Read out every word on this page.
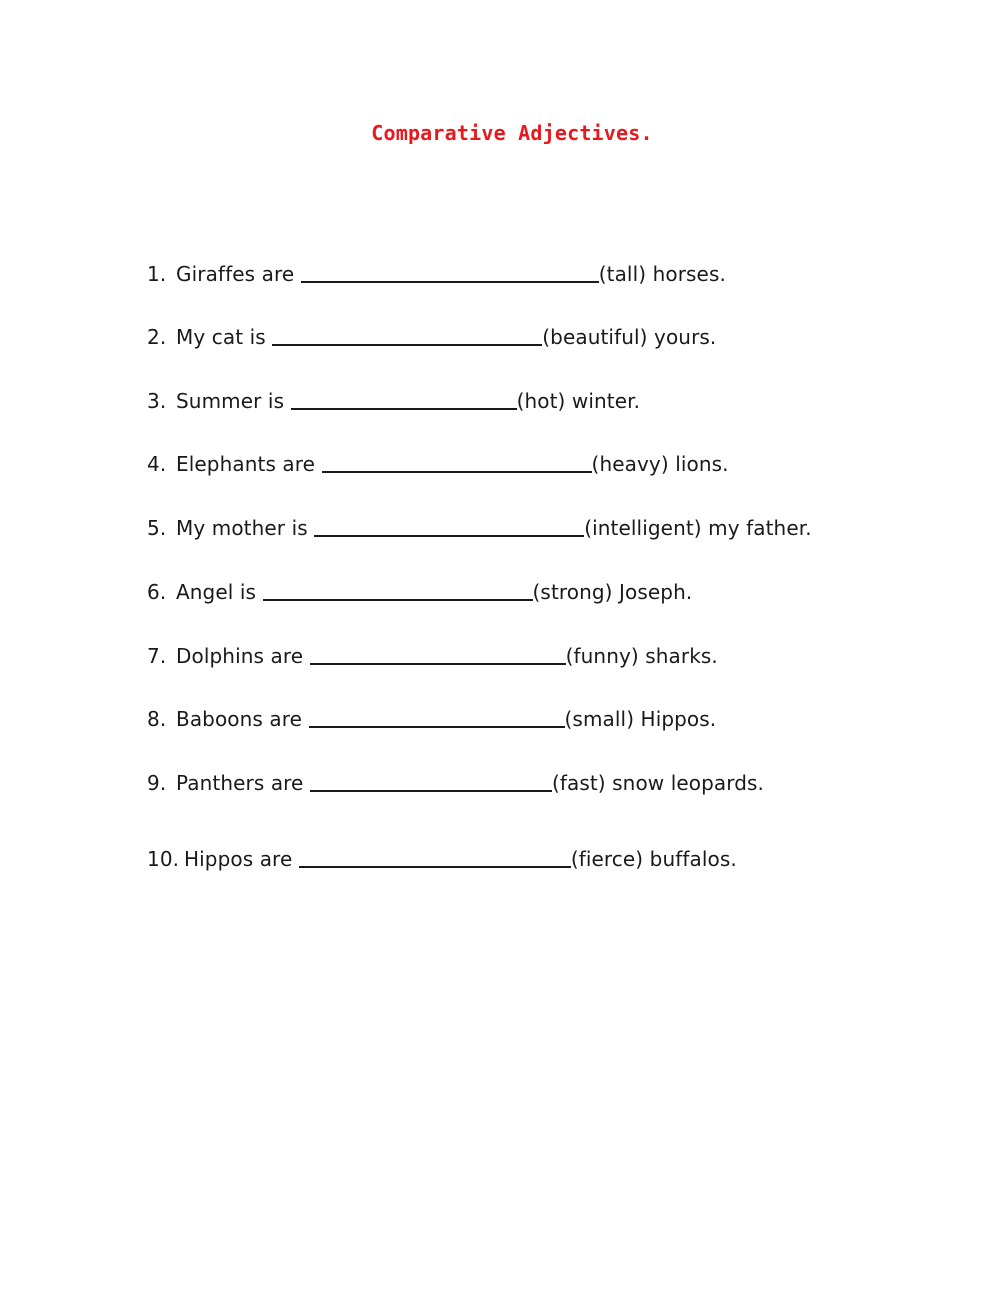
Comparative Adjectives.
1. Giraffes are	(tall) horses.
2. My cat is	(beautiful) yours.
3. Summer is	(hot) winter.
4. Elephants are	(heavy) lions.
5. My mother is	(intelligent) my father.
6. Angel is	(strong) Joseph.
7. Dolphins are	(funny) sharks.
8. Baboons are	(small) Hippos.
9. Panthers are	(fast) snow leopards.
10. Hippos are	(fierce) buffalos.
